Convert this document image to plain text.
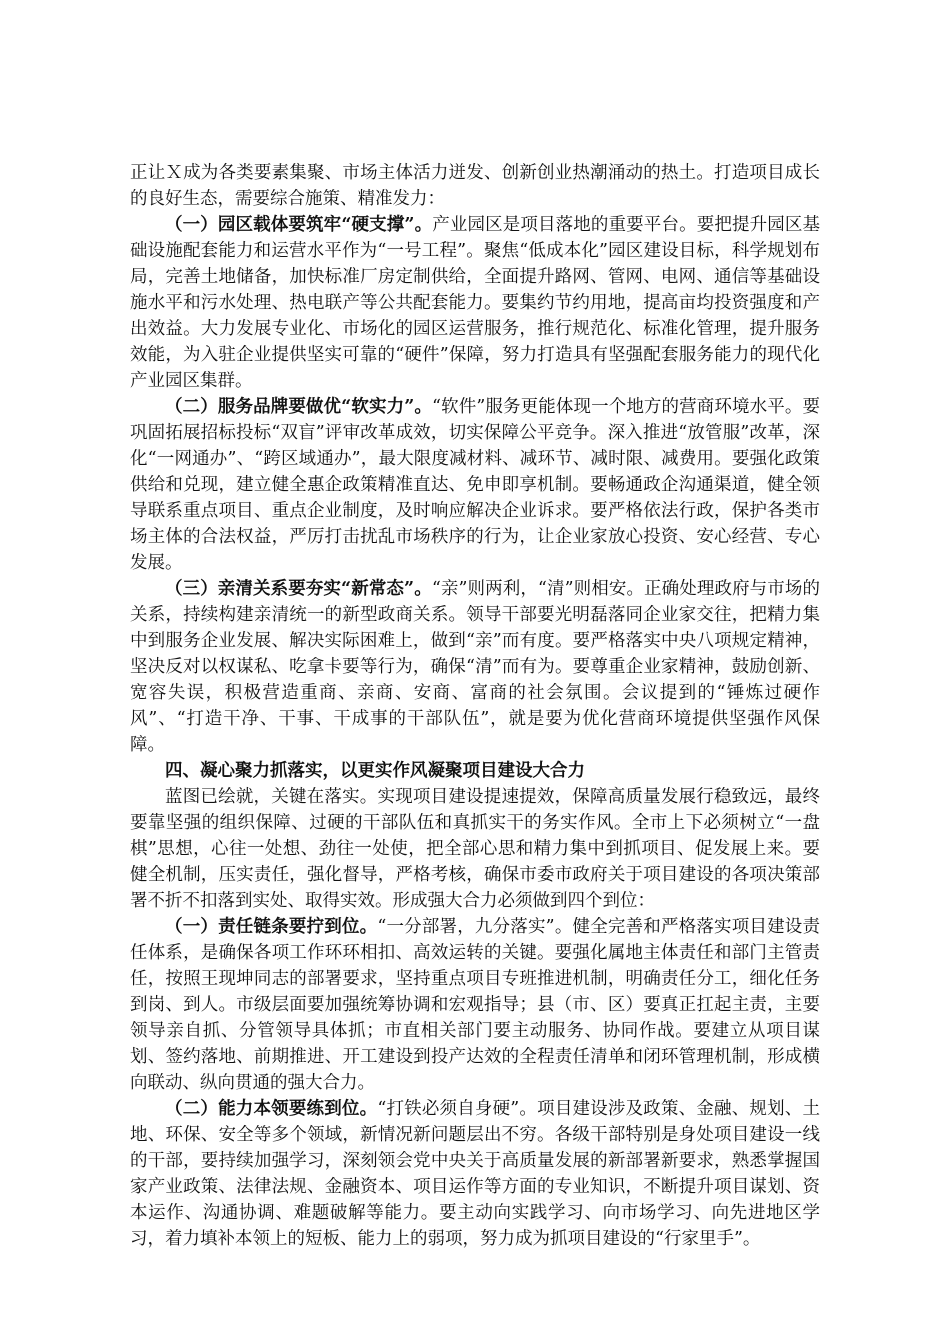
正让Ｘ成为各类要素集聚、市场主体活力迸发、创新创业热潮涌动的热土。打造项目成长的良好生态，需要综合施策、精准发力：

（一）园区载体要筑牢“硬支撑”。产业园区是项目落地的重要平台。要把提升园区基础设施配套能力和运营水平作为“一号工程”。聚焦“低成本化”园区建设目标，科学规划布局，完善土地储备，加快标准厂房定制供给，全面提升路网、管网、电网、通信等基础设施水平和污水处理、热电联产等公共配套能力。要集约节约用地，提高亩均投资强度和产出效益。大力发展专业化、市场化的园区运营服务，推行规范化、标准化管理，提升服务效能，为入驻企业提供坚实可靠的“硬件”保障，努力打造具有坚强配套服务能力的现代化产业园区集群。

（二）服务品牌要做优“软实力”。“软件”服务更能体现一个地方的营商环境水平。要巩固拓展招标投标“双盲”评审改革成效，切实保障公平竞争。深入推进“放管服”改革，深化“一网通办”、“跨区域通办”，最大限度减材料、减环节、减时限、减费用。要强化政策供给和兑现，建立健全惠企政策精准直达、免申即享机制。要畅通政企沟通渠道，健全领导联系重点项目、重点企业制度，及时响应解决企业诉求。要严格依法行政，保护各类市场主体的合法权益，严厉打击扰乱市场秩序的行为，让企业家放心投资、安心经营、专心发展。

（三）亲清关系要夯实“新常态”。“亲”则两利，“清”则相安。正确处理政府与市场的关系，持续构建亲清统一的新型政商关系。领导干部要光明磊落同企业家交往，把精力集中到服务企业发展、解决实际困难上，做到“亲”而有度。要严格落实中央八项规定精神，坚决反对以权谋私、吃拿卡要等行为，确保“清”而有为。要尊重企业家精神，鼓励创新、宽容失误，积极营造重商、亲商、安商、富商的社会氛围。会议提到的“锤炼过硬作风”、“打造干净、干事、干成事的干部队伍”，就是要为优化营商环境提供坚强作风保障。

四、凝心聚力抓落实，以更实作风凝聚项目建设大合力

蓝图已绘就，关键在落实。实现项目建设提速提效，保障高质量发展行稳致远，最终要靠坚强的组织保障、过硬的干部队伍和真抓实干的务实作风。全市上下必须树立“一盘棋”思想，心往一处想、劲往一处使，把全部心思和精力集中到抓项目、促发展上来。要健全机制，压实责任，强化督导，严格考核，确保市委市政府关于项目建设的各项决策部署不折不扣落到实处、取得实效。形成强大合力必须做到四个到位：

（一）责任链条要拧到位。“一分部署，九分落实”。健全完善和严格落实项目建设责任体系，是确保各项工作环环相扣、高效运转的关键。要强化属地主体责任和部门主管责任，按照王现坤同志的部署要求，坚持重点项目专班推进机制，明确责任分工，细化任务到岗、到人。市级层面要加强统筹协调和宏观指导；县（市、区）要真正扛起主责，主要领导亲自抓、分管领导具体抓；市直相关部门要主动服务、协同作战。要建立从项目谋划、签约落地、前期推进、开工建设到投产达效的全程责任清单和闭环管理机制，形成横向联动、纵向贯通的强大合力。

（二）能力本领要练到位。“打铁必须自身硬”。项目建设涉及政策、金融、规划、土地、环保、安全等多个领域，新情况新问题层出不穷。各级干部特别是身处项目建设一线的干部，要持续加强学习，深刻领会党中央关于高质量发展的新部署新要求，熟悉掌握国家产业政策、法律法规、金融资本、项目运作等方面的专业知识，不断提升项目谋划、资本运作、沟通协调、难题破解等能力。要主动向实践学习、向市场学习、向先进地区学习，着力填补本领上的短板、能力上的弱项，努力成为抓项目建设的“行家里手”。
